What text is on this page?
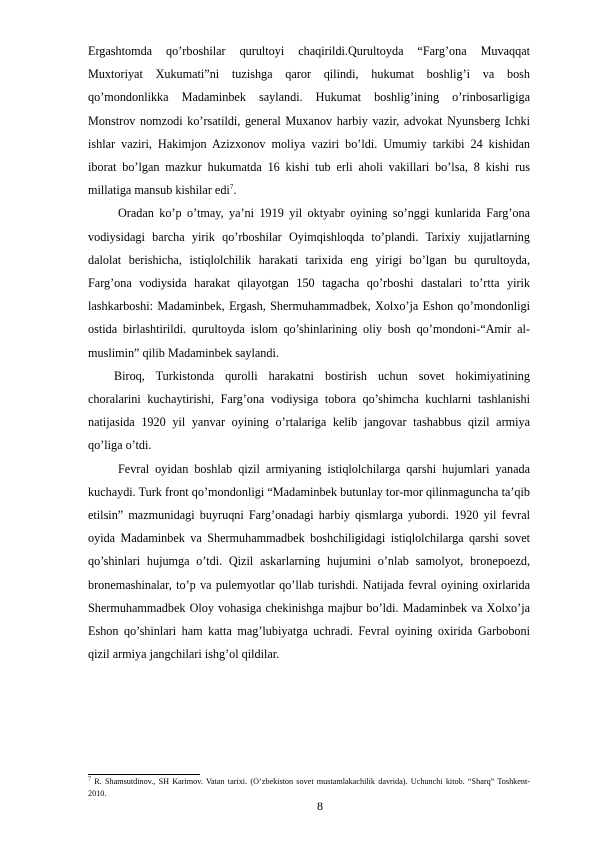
Ergashtomda qo’rboshilar qurultoyi chaqirildi.Qurultoyda “Farg’ona Muvaqqat Muxtoriyat Xukumati”ni tuzishga qaror qilindi, hukumat boshlig’i va bosh qo’mondonlikka Madaminbek saylandi. Hukumat boshlig’ining o’rinbosarligiga Monstrov nomzodi ko’rsatildi, general Muxanov harbiy vazir, advokat Nyunsberg Ichki ishlar vaziri, Hakimjon Azizxonov moliya vaziri bo’ldi. Umumiy tarkibi 24 kishidan iborat bo’lgan mazkur hukumatda 16 kishi tub erli aholi vakillari bo’lsa, 8 kishi rus millatiga mansub kishilar edi$^7$.

Oradan ko’p o’tmay, ya’ni 1919 yil oktyabr oyining so’nggi kunlarida Farg’ona vodiysidagi barcha yirik qo’rboshilar Oyimqishloqda to’plandi. Tarixiy xujjatlarning dalolat berishicha, istiqlolchilik harakati tarixida eng yirigi bo’lgan bu qurultoyda, Farg’ona vodiysida harakat qilayotgan 150 tagacha qo’rboshi dastalari to’rtta yirik lashkarboshi: Madaminbek, Ergash, Shermuhammadbek, Xolxo’ja Eshon qo’mondonligi ostida birlashtirildi. qurultoyda islom qo’shinlarining oliy bosh qo’mondoni-“Amir al-muslimin” qilib Madaminbek saylandi.

Biroq, Turkistonda qurolli harakatni bostirish uchun sovet hokimiyatining choralarini kuchaytirishi, Farg’ona vodiysiga tobora qo’shimcha kuchlarni tashlanishi natijasida 1920 yil yanvar oyining o’rtalariga kelib jangovar tashabbus qizil armiya qo’liga o’tdi.

Fevral oyidan boshlab qizil armiyaning istiqlolchilarga qarshi hujumlari yanada kuchaydi. Turk front qo’mondonligi “Madaminbek butunlay tor-mor qilinmaguncha ta’qib etilsin” mazmunidagi buyruqni Farg’onadagi harbiy qismlarga yubordi. 1920 yil fevral oyida Madaminbek va Shermuhammadbek boshchiligidagi istiqlolchilarga qarshi sovet qo’shinlari hujumga o’tdi. Qizil askarlarning hujumini o’nlab samolyot, bronepoezd, bronemashinalar, to’p va pulemyotlar qo’llab turishdi. Natijada fevral oyining oxirlarida Shermuhammadbek Oloy vohasiga chekinishga majbur bo’ldi. Madaminbek va Xolxo’ja Eshon qo’shinlari ham katta mag’lubiyatga uchradi. Fevral oyining oxirida Garboboni qizil armiya jangchilari ishg’ol qildilar.

$^7$ R. Shamsutdinov., SH Karimov. Vatan tarixi. (O’zbekiston sovet mustamlakachilik davrida). Uchunchi kitob. “Sharq” Toshkent-2010.
8
